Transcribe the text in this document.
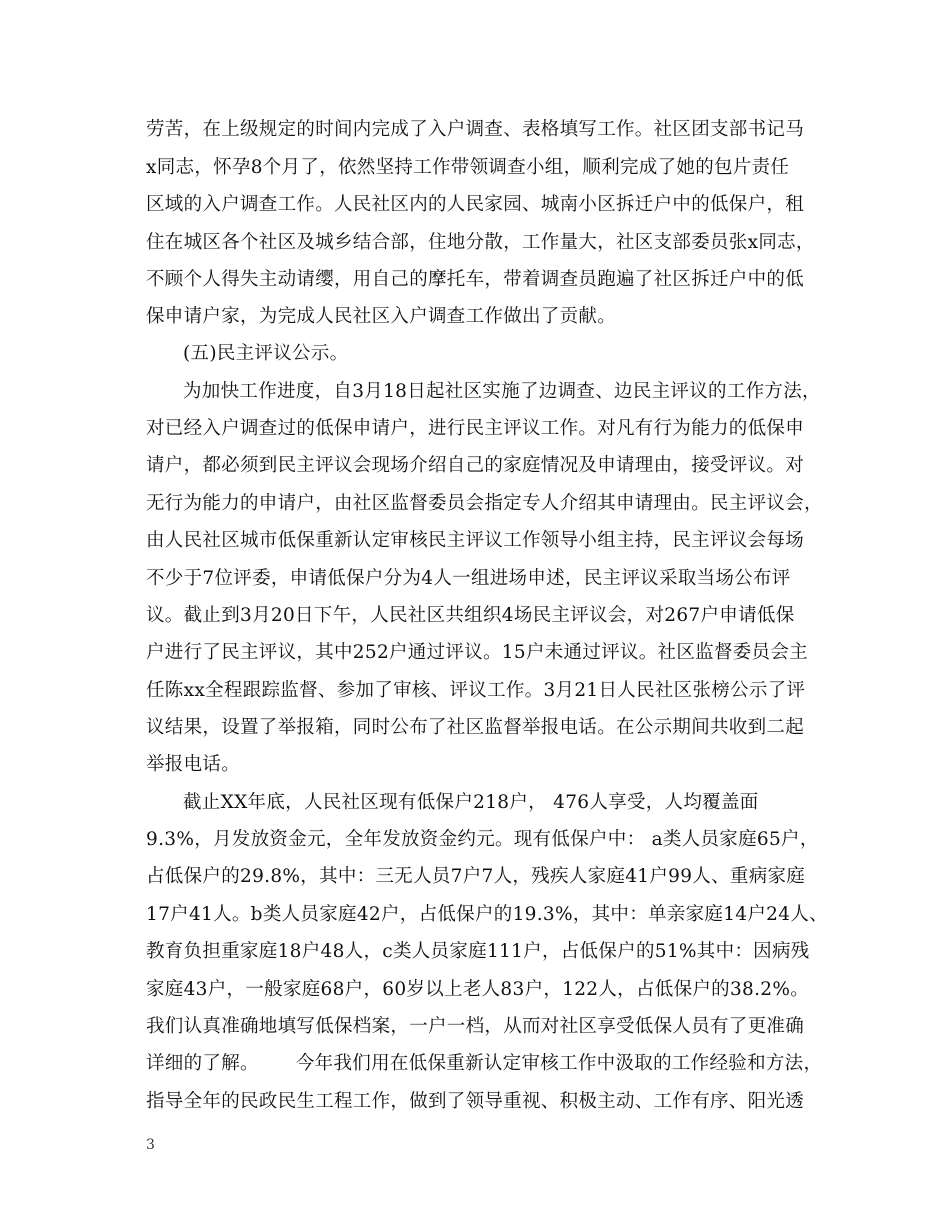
劳苦，在上级规定的时间内完成了入户调查、表格填写工作。社区团支部书记马
x同志，怀孕8个月了，依然坚持工作带领调查小组，顺利完成了她的包片责任
区域的入户调查工作。人民社区内的人民家园、城南小区拆迁户中的低保户，租
住在城区各个社区及城乡结合部，住地分散，工作量大，社区支部委员张x同志，
不顾个人得失主动请缨，用自己的摩托车，带着调查员跑遍了社区拆迁户中的低
保申请户家，为完成人民社区入户调查工作做出了贡献。
(五)民主评议公示。
为加快工作进度，自3月18日起社区实施了边调查、边民主评议的工作方法，
对已经入户调查过的低保申请户，进行民主评议工作。对凡有行为能力的低保申
请户，都必须到民主评议会现场介绍自己的家庭情况及申请理由，接受评议。对
无行为能力的申请户，由社区监督委员会指定专人介绍其申请理由。民主评议会，
由人民社区城市低保重新认定审核民主评议工作领导小组主持，民主评议会每场
不少于7位评委，申请低保户分为4人一组进场申述，民主评议采取当场公布评
议。截止到3月20日下午，人民社区共组织4场民主评议会，对267户申请低保
户进行了民主评议，其中252户通过评议。15户未通过评议。社区监督委员会主
任陈xx全程跟踪监督、参加了审核、评议工作。3月21日人民社区张榜公示了评
议结果，设置了举报箱，同时公布了社区监督举报电话。在公示期间共收到二起
举报电话。
截止XX年底，人民社区现有低保户218户， 476人享受，人均覆盖面
9.3%，月发放资金元，全年发放资金约元。现有低保户中： a类人员家庭65户，
占低保户的29.8%，其中：三无人员7户7人，残疾人家庭41户99人、重病家庭
17户41人。b类人员家庭42户，占低保户的19.3%，其中：单亲家庭14户24人、
教育负担重家庭18户48人，c类人员家庭111户，占低保户的51%其中：因病残
家庭43户，一般家庭68户，60岁以上老人83户，122人，占低保户的38.2%。
我们认真准确地填写低保档案，一户一档，从而对社区享受低保人员有了更准确
详细的了解。      今年我们用在低保重新认定审核工作中汲取的工作经验和方法，
指导全年的民政民生工程工作，做到了领导重视、积极主动、工作有序、阳光透
3
